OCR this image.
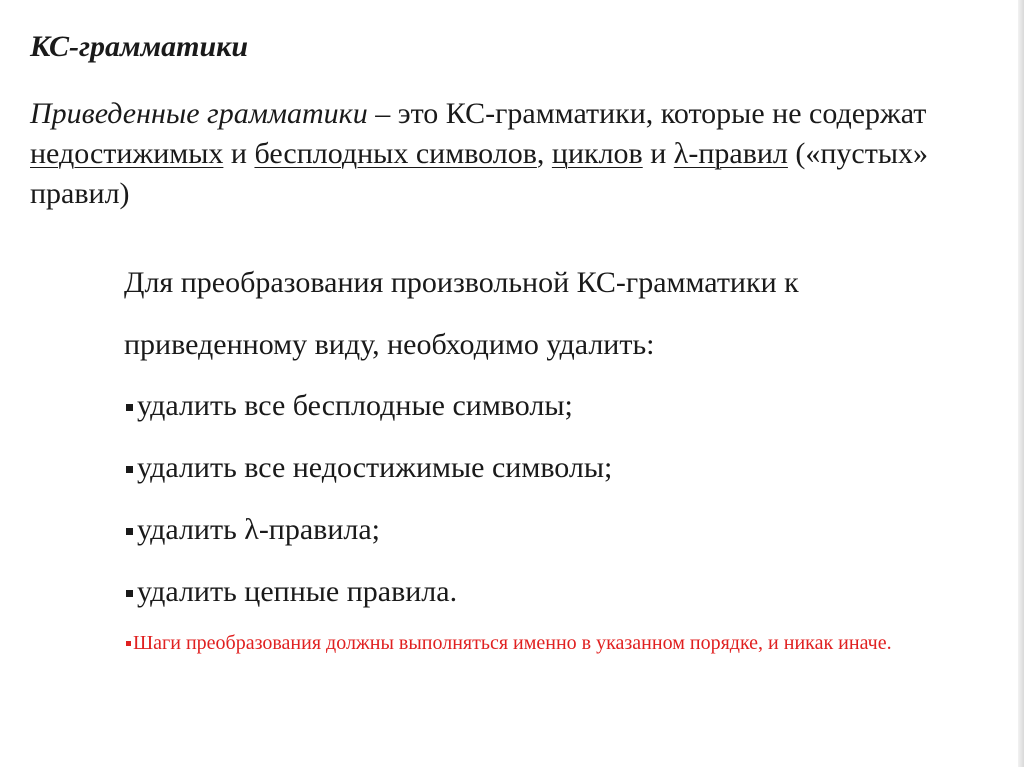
КС-грамматики

Приведенные грамматики – это КС-грамматики, которые не содержат недостижимых и бесплодных символов, циклов и λ-правил («пустых» правил)

Для преобразования произвольной КС-грамматики к приведенному виду, необходимо удалить:

удалить все бесплодные символы;
удалить все недостижимые символы;
удалить λ-правила;
удалить цепные правила.

Шаги преобразования должны выполняться именно в указанном порядке, и никак иначе.
